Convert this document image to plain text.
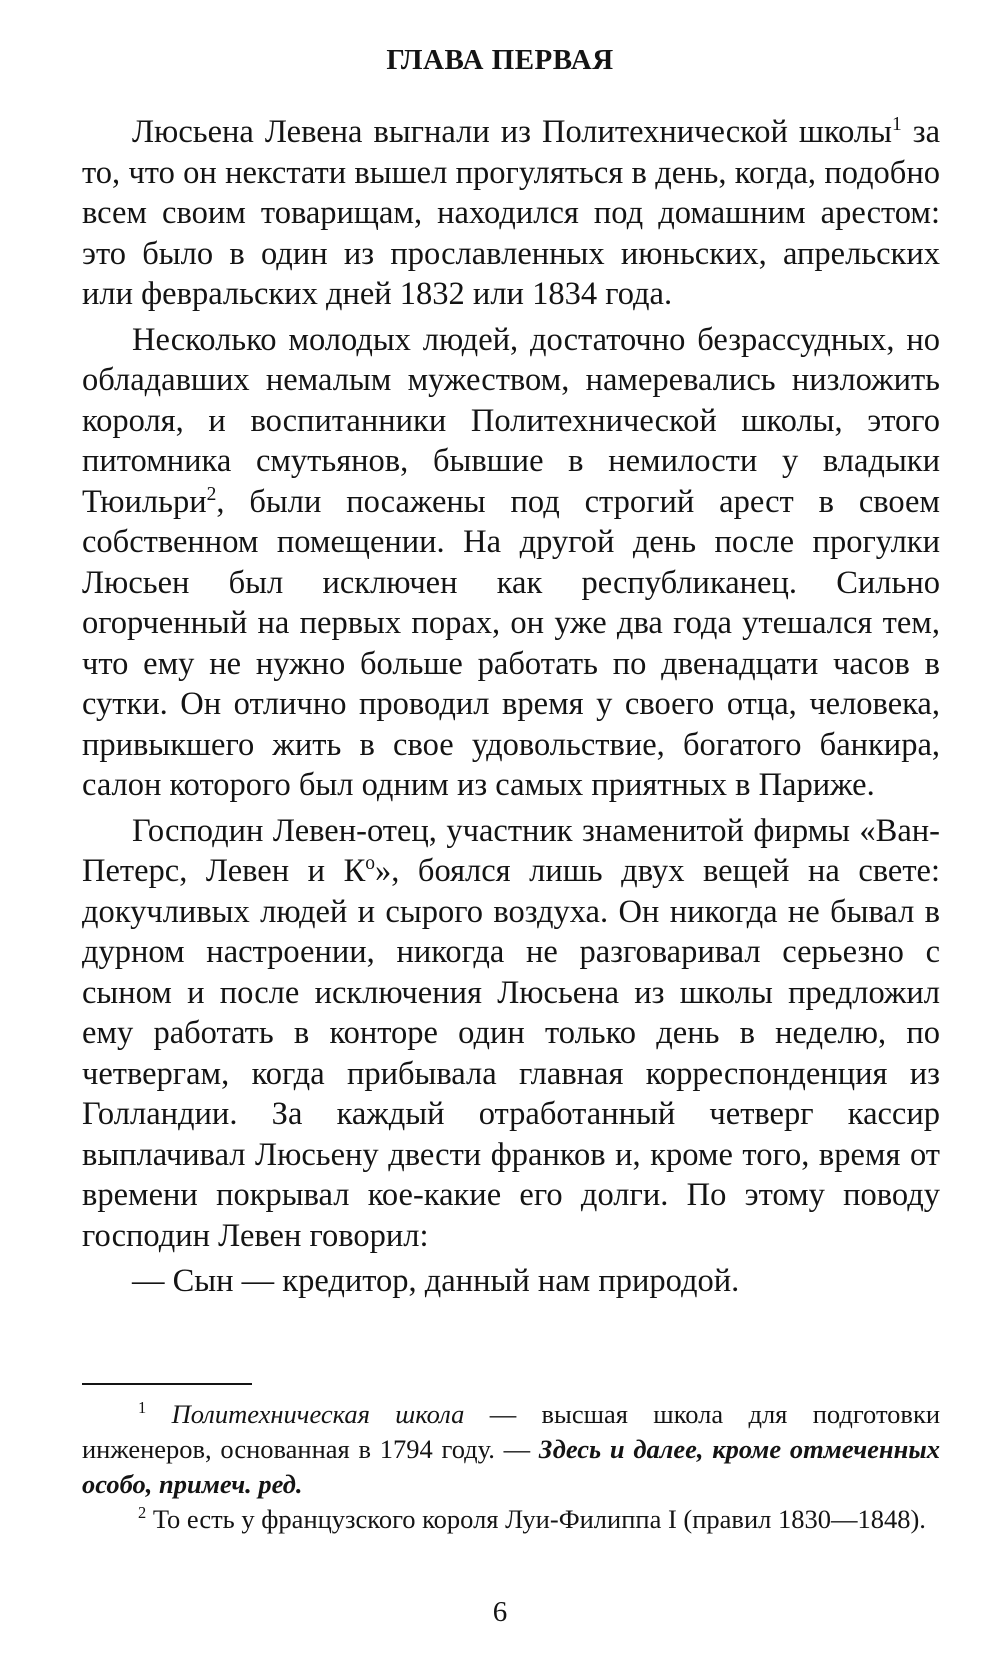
ГЛАВА ПЕРВАЯ

Люсьена Левена выгнали из Политехнической школы$^1$ за то, что он некстати вышел прогуляться в день, когда, подобно всем своим товарищам, находился под домашним арестом: это было в один из прославленных июньских, апрельских или февральских дней 1832 или 1834 года.

Несколько молодых людей, достаточно безрассудных, но обладавших немалым мужеством, намеревались низложить короля, и воспитанники Политехнической школы, этого питомника смутьянов, бывшие в немилости у владыки Тюильри$^2$, были посажены под строгий арест в своем собственном помещении. На другой день после прогулки Люсьен был исключен как республиканец. Сильно огорченный на первых порах, он уже два года утешался тем, что ему не нужно больше работать по двенадцати часов в сутки. Он отлично проводил время у своего отца, человека, привыкшего жить в свое удовольствие, богатого банкира, салон которого был одним из самых приятных в Париже.

Господин Левен-отец, участник знаменитой фирмы «Ван-Петерс, Левен и К$^о$», боялся лишь двух вещей на свете: докучливых людей и сырого воздуха. Он никогда не бывал в дурном настроении, никогда не разговаривал серьезно с сыном и после исключения Люсьена из школы предложил ему работать в конторе один только день в неделю, по четвергам, когда прибывала главная корреспонденция из Голландии. За каждый отработанный четверг кассир выплачивал Люсьену двести франков и, кроме того, время от времени покрывал кое-какие его долги. По этому поводу господин Левен говорил:

— Сын — кредитор, данный нам природой.

$^1$ Политехническая школа — высшая школа для подготовки инженеров, основанная в 1794 году. — Здесь и далее, кроме отмеченных особо, примеч. ред.

$^2$ То есть у французского короля Луи-Филиппа I (правил 1830—1848).

6
